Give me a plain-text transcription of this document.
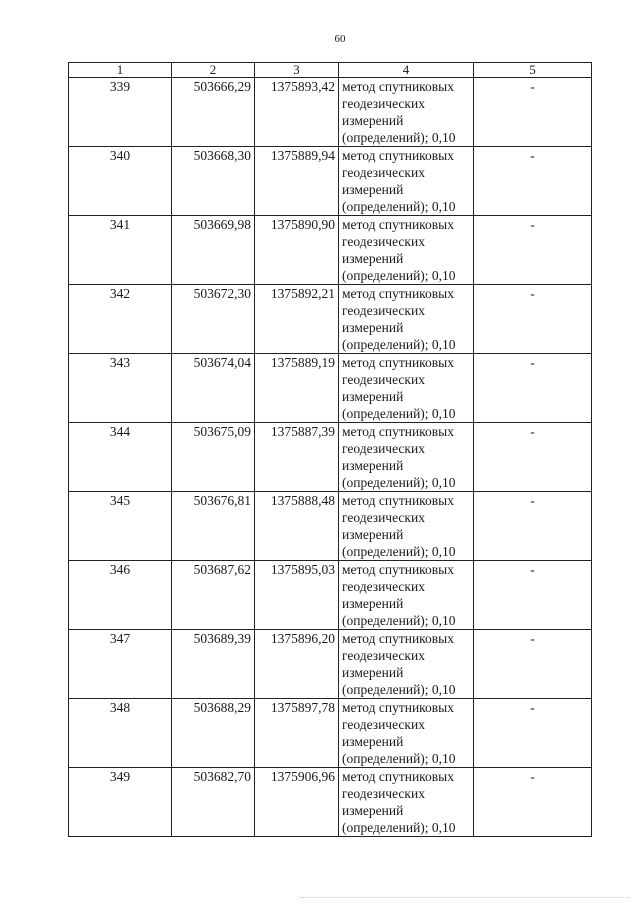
60
1	2	3	4	5
339	503666,29	1375893,42	метод спутниковых
геодезических
измерений
(определений); 0,10	-
340	503668,30	1375889,94	метод спутниковых
геодезических
измерений
(определений); 0,10	-
341	503669,98	1375890,90	метод спутниковых
геодезических
измерений
(определений); 0,10	-
342	503672,30	1375892,21	метод спутниковых
геодезических
измерений
(определений); 0,10	-
343	503674,04	1375889,19	метод спутниковых
геодезических
измерений
(определений); 0,10	-
344	503675,09	1375887,39	метод спутниковых
геодезических
измерений
(определений); 0,10	-
345	503676,81	1375888,48	метод спутниковых
геодезических
измерений
(определений); 0,10	-
346	503687,62	1375895,03	метод спутниковых
геодезических
измерений
(определений); 0,10	-
347	503689,39	1375896,20	метод спутниковых
геодезических
измерений
(определений); 0,10	-
348	503688,29	1375897,78	метод спутниковых
геодезических
измерений
(определений); 0,10	-
349	503682,70	1375906,96	метод спутниковых
геодезических
измерений
(определений); 0,10	-
